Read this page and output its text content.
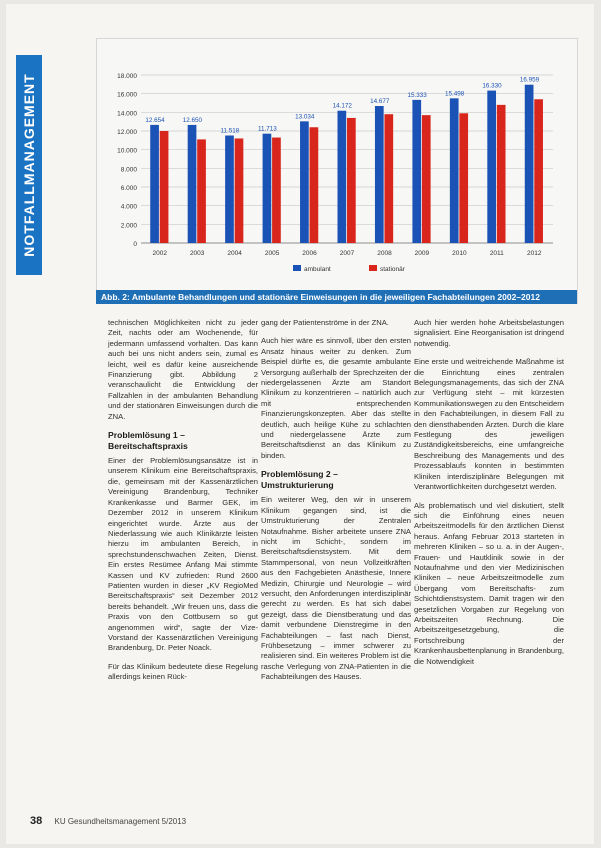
NOTFALLMANAGEMENT	0
2.000
4.000
6.000
8.000
10.000
12.000
14.000
16.000
18.000
12.654
2002
12.650
2003
11.518
2004
11.713
2005
13.034
2006
14.172
2007
14.677
2008
15.333
2009
15.498
2010
16.330
2011
16.959
2012
ambulant	stationär
Abb. 2: Ambulante Behandlungen und stationäre Einweisungen in die jeweiligen Fachabteilungen 2002–2012

technischen Möglichkeiten nicht zu jeder Zeit, nachts oder am Wochenende, für jedermann umfassend vorhalten. Das kann auch bei uns nicht anders sein, zumal es leicht, weil es dafür keine ausreichende Finanzierung gibt. Abbildung 2 veranschaulicht die Entwicklung der Fallzahlen in der ambulanten Behandlung und der stationären Einweisungen durch die ZNA.

Problemlösung 1 – Bereitschaftspraxis

Einer der Problemlösungsansätze ist in unserem Klinikum eine Bereitschaftspraxis, die, gemeinsam mit der Kassenärztlichen Vereinigung Brandenburg, Techniker Krankenkasse und Barmer GEK, im Dezember 2012 in unserem Klinikum eingerichtet wurde. Ärzte aus der Niederlassung wie auch Klinikärzte leisten hierzu im ambulanten Bereich, in sprechstundenschwachen Zeiten, Dienst. Ein erstes Resümee Anfang Mai stimmte Kassen und KV zufrieden: Rund 2600 Patienten wurden in dieser „KV RegioMed Bereitschaftspraxis“ seit Dezember 2012 bereits behandelt. „Wir freuen uns, dass die Praxis von den Cottbusern so gut angenommen wird“, sagte der Vize-Vorstand der Kassenärztlichen Vereinigung Brandenburg, Dr. Peter Noack.

Für das Klinikum bedeutete diese Regelung allerdings keinen Rück-

gang der Patientenströme in der ZNA.

Auch hier wäre es sinnvoll, über den ersten Ansatz hinaus weiter zu denken. Zum Beispiel dürfte es, die gesamte ambulante Versorgung außerhalb der Sprechzeiten der niedergelassenen Ärzte am Standort Klinikum zu konzentrieren – natürlich auch mit entsprechenden Finanzierungskonzepten. Aber das stellte deutlich, auch heilige Kühe zu schlachten und niedergelassene Ärzte zum Bereitschaftsdienst an das Klinikum zu binden.

Problemlösung 2 – Umstrukturierung

Ein weiterer Weg, den wir in unserem Klinikum gegangen sind, ist die Umstrukturierung der Zentralen Notaufnahme. Bisher arbeitete unsere ZNA nicht im Schicht-, sondern im Bereitschaftsdienstsystem. Mit dem Stammpersonal, von neun Vollzeitkräften aus den Fachgebieten Anästhesie, Innere Medizin, Chirurgie und Neurologie – wird versucht, den Anforderungen interdisziplinär gerecht zu werden. Es hat sich dabei gezeigt, dass die Dienstberatung und das damit verbundene Dienstregime in den Fachabteilungen – fast nach Dienst, Frühbesetzung – immer schwerer zu realisieren sind. Ein weiteres Problem ist die rasche Verlegung von ZNA-Patienten in die Fachabteilungen des Hauses.

Auch hier werden hohe Arbeitsbelastungen signalisiert. Eine Reorganisation ist dringend notwendig.

Eine erste und weitreichende Maßnahme ist die Einrichtung eines zentralen Belegungsmanagements, das sich der ZNA zur Verfügung steht – mit kürzesten Kommunikationswegen zu den Entscheidern in den Fachabteilungen, in diesem Fall zu den diensthabenden Ärzten. Durch die klare Festlegung des jeweiligen Zuständigkeitsbereichs, eine umfangreiche Beschreibung des Managements und des Prozessablaufs konnten in bestimmten Kliniken interdisziplinäre Belegungen mit Verantwortlichkeiten durchgesetzt werden.

Als problematisch und viel diskutiert, stellt sich die Einführung eines neuen Arbeitszeitmodells für den ärztlichen Dienst heraus. Anfang Februar 2013 starteten in mehreren Kliniken – so u. a. in der Augen-, Frauen- und Hautklinik sowie in der Notaufnahme und den vier Medizinischen Kliniken – neue Arbeitszeitmodelle zum Übergang vom Bereitschafts- zum Schichtdienstsystem. Damit tragen wir den gesetzlichen Vorgaben zur Regelung von Arbeitszeiten Rechnung. Die Arbeitszeitgesetzgebung, die Fortschreibung der Krankenhausbettenplanung in Brandenburg, die Notwendigkeit

38 KU Gesundheitsmanagement 5/2013
